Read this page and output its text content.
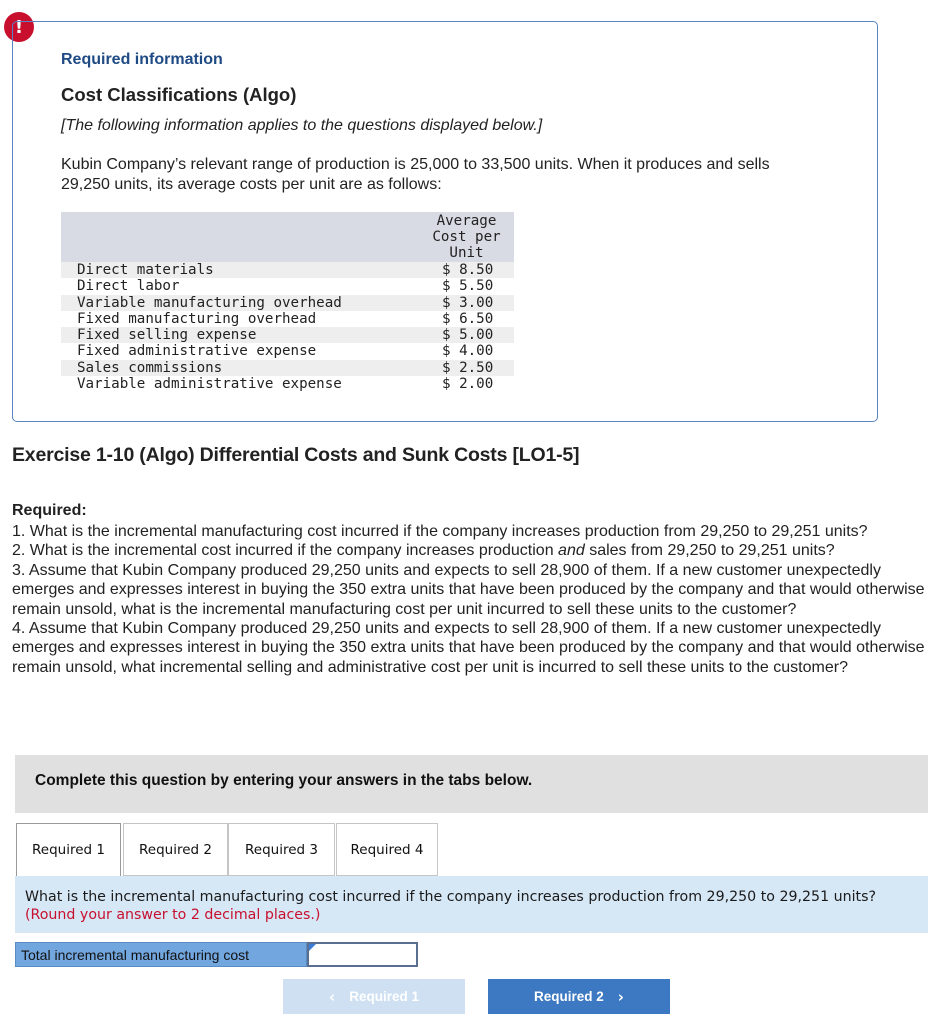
!
Required information
Cost Classifications (Algo)
[The following information applies to the questions displayed below.]
Kubin Company’s relevant range of production is 25,000 to 33,500 units. When it produces and sells 29,250 units, its average costs per unit are as follows:
Average
Cost per
Unit
Direct materials	$ 8.50
Direct labor	$ 5.50
Variable manufacturing overhead	$ 3.00
Fixed manufacturing overhead	$ 6.50
Fixed selling expense	$ 5.00
Fixed administrative expense	$ 4.00
Sales commissions	$ 2.50
Variable administrative expense	$ 2.00
Exercise 1-10 (Algo) Differential Costs and Sunk Costs [LO1-5]
Required:

1. What is the incremental manufacturing cost incurred if the company increases production from 29,250 to 29,251 units?

2. What is the incremental cost incurred if the company increases production and sales from 29,250 to 29,251 units?

3. Assume that Kubin Company produced 29,250 units and expects to sell 28,900 of them. If a new customer unexpectedly emerges and expresses interest in buying the 350 extra units that have been produced by the company and that would otherwise remain unsold, what is the incremental manufacturing cost per unit incurred to sell these units to the customer?

4. Assume that Kubin Company produced 29,250 units and expects to sell 28,900 of them. If a new customer unexpectedly emerges and expresses interest in buying the 350 extra units that have been produced by the company and that would otherwise remain unsold, what incremental selling and administrative cost per unit is incurred to sell these units to the customer?

Complete this question by entering your answers in the tabs below.
Required 1	Required 2	Required 3	Required 4
What is the incremental manufacturing cost incurred if the company increases production from 29,250 to 29,251 units?
(Round your answer to 2 decimal places.)
Total incremental manufacturing cost
‹ Required 1	Required 2 ›
